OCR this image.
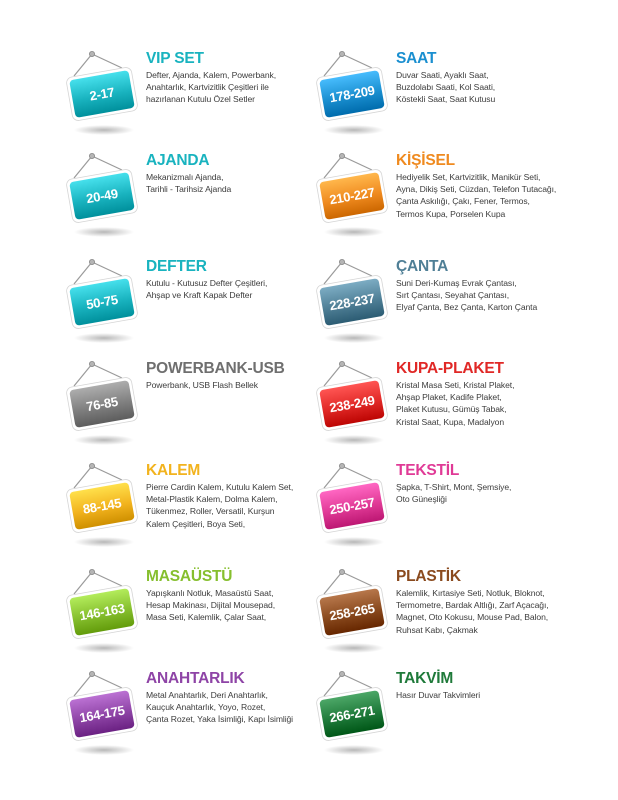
2-17
VIP SET
Defter, Ajanda, Kalem, Powerbank,
Anahtarlık, Kartvizitlik Çeşitleri ile
hazırlanan Kutulu Özel Setler
20-49
AJANDA
Mekanizmalı Ajanda,
Tarihli - Tarihsiz Ajanda
50-75
DEFTER
Kutulu - Kutusuz Defter Çeşitleri,
Ahşap ve Kraft Kapak Defter
76-85
POWERBANK-USB
Powerbank, USB Flash Bellek
88-145
KALEM
Pierre Cardin Kalem, Kutulu Kalem Set,
Metal-Plastik Kalem, Dolma Kalem,
Tükenmez, Roller, Versatil, Kurşun
Kalem Çeşitleri, Boya Seti,
146-163
MASAÜSTÜ
Yapışkanlı Notluk, Masaüstü Saat,
Hesap Makinası, Dijital Mousepad,
Masa Seti, Kalemlik, Çalar Saat,
164-175
ANAHTARLIK
Metal Anahtarlık, Deri Anahtarlık,
Kauçuk Anahtarlık, Yoyo, Rozet,
Çanta Rozet, Yaka İsimliği, Kapı İsimliği
178-209
SAAT
Duvar Saati, Ayaklı Saat,
Buzdolabı Saati, Kol Saati,
Köstekli Saat, Saat Kutusu
210-227
KİŞİSEL
Hediyelik Set, Kartvizitlik, Manikür Seti,
Ayna, Dikiş Seti, Cüzdan, Telefon Tutacağı,
Çanta Askılığı, Çakı, Fener, Termos,
Termos Kupa, Porselen Kupa
228-237
ÇANTA
Suni Deri-Kumaş Evrak Çantası,
Sırt Çantası, Seyahat Çantası,
Elyaf Çanta, Bez Çanta, Karton Çanta
238-249
KUPA-PLAKET
Kristal Masa Seti, Kristal Plaket,
Ahşap Plaket, Kadife Plaket,
Plaket Kutusu, Gümüş Tabak,
Kristal Saat, Kupa, Madalyon
250-257
TEKSTİL
Şapka, T-Shirt, Mont, Şemsiye,
Oto Güneşliği
258-265
PLASTİK
Kalemlik, Kırtasiye Seti, Notluk, Bloknot,
Termometre, Bardak Altlığı, Zarf Açacağı,
Magnet, Oto Kokusu, Mouse Pad, Balon,
Ruhsat Kabı, Çakmak
266-271
TAKVİM
Hasır Duvar Takvimleri
